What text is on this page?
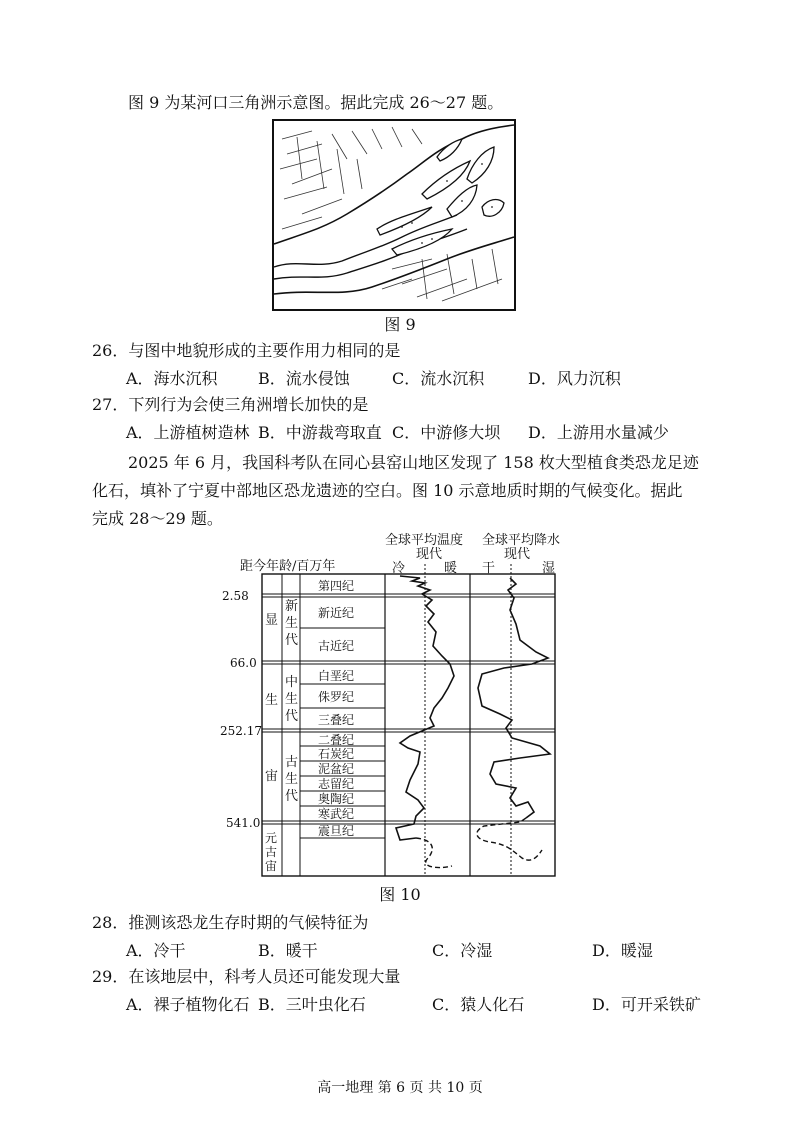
图 9 为某河口三角洲示意图。据此完成 26～27 题。
图 9
26．与图中地貌形成的主要作用力相同的是
A．海水沉积	B．流水侵蚀	C．流水沉积	D．风力沉积
27．下列行为会使三角洲增长加快的是
A．上游植树造林 B．中游裁弯取直 C．中游修大坝 D．上游用水量减少
2025 年 6 月，我国科考队在同心县窑山地区发现了 158 枚大型植食类恐龙足迹
化石，填补了宁夏中部地区恐龙遗迹的空白。图 10 示意地质时期的气候变化。据此
完成 28～29 题。
距今年龄/百万年
全球平均温度
现代
冷	暖
全球平均降水
现代
干	湿
2.58
66.0
252.17
541.0
显
生
宙
元
古
宙
新
生
代
中
生
代
古
生
代
第四纪
新近纪
古近纪
白垩纪
侏罗纪
三叠纪
二叠纪
石炭纪
泥盆纪
志留纪
奥陶纪
寒武纪
震旦纪
图 10
28．推测该恐龙生存时期的气候特征为
A．冷干	B．暖干	C．冷湿	D．暖湿
29．在该地层中，科考人员还可能发现大量
A．裸子植物化石 B．三叶虫化石	C．猿人化石	D．可开采铁矿
高一地理 第 6 页 共 10 页
